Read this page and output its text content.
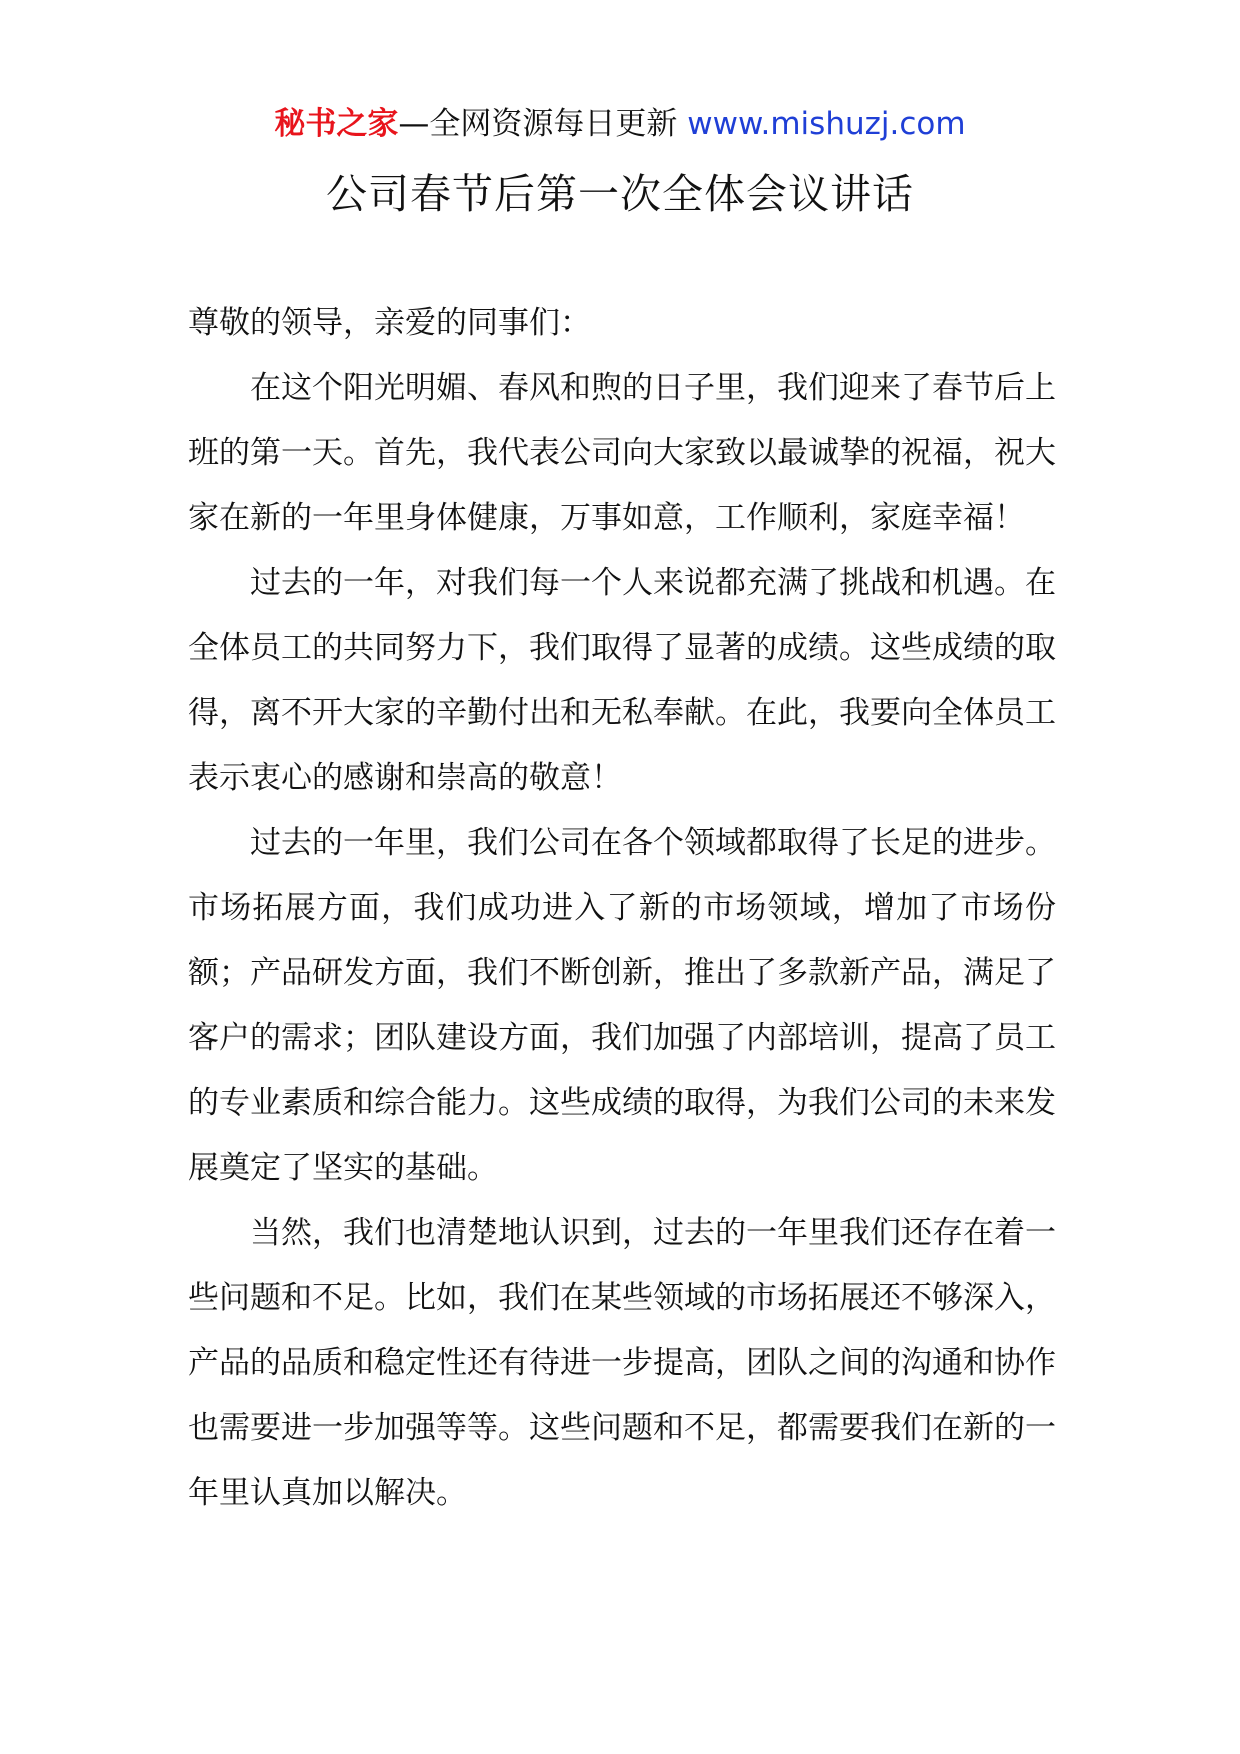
秘书之家—全网资源每日更新 www.mishuzj.com
公司春节后第一次全体会议讲话

尊敬的领导，亲爱的同事们：

在这个阳光明媚、春风和煦的日子里，我们迎来了春节后上班的第一天。首先，我代表公司向大家致以最诚挚的祝福，祝大家在新的一年里身体健康，万事如意，工作顺利，家庭幸福！

过去的一年，对我们每一个人来说都充满了挑战和机遇。在全体员工的共同努力下，我们取得了显著的成绩。这些成绩的取得，离不开大家的辛勤付出和无私奉献。在此，我要向全体员工表示衷心的感谢和崇高的敬意！

过去的一年里，我们公司在各个领域都取得了长足的进步。市场拓展方面，我们成功进入了新的市场领域，增加了市场份额；产品研发方面，我们不断创新，推出了多款新产品，满足了客户的需求；团队建设方面，我们加强了内部培训，提高了员工的专业素质和综合能力。这些成绩的取得，为我们公司的未来发展奠定了坚实的基础。

当然，我们也清楚地认识到，过去的一年里我们还存在着一些问题和不足。比如，我们在某些领域的市场拓展还不够深入，产品的品质和稳定性还有待进一步提高，团队之间的沟通和协作也需要进一步加强等等。这些问题和不足，都需要我们在新的一年里认真加以解决。
